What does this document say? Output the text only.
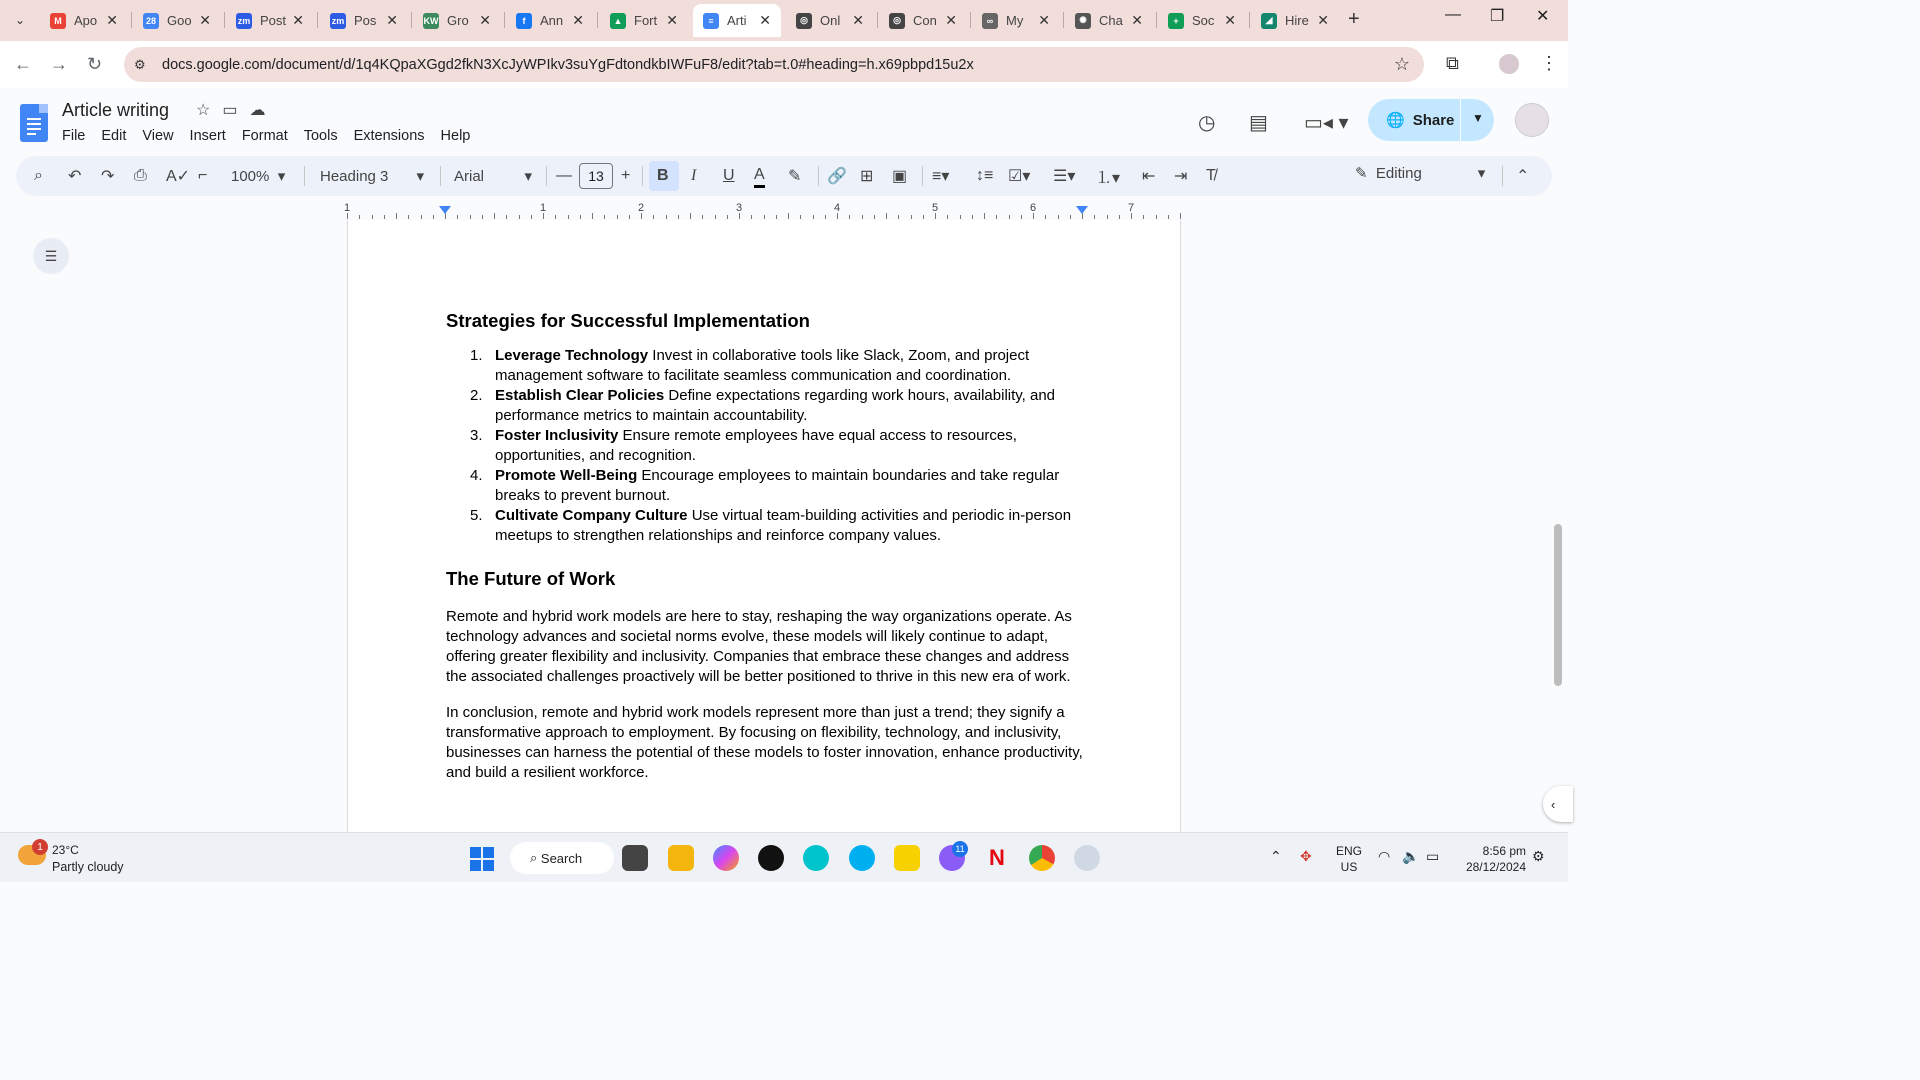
⌄	M Apo ✕	28 Goo ✕	zm Post ✕	zm Pos ✕	KW Gro ✕	f	Ann ✕	▲ Fort ✕	≡	Arti ✕	◎ Onl ✕	◎ Con ✕	∞ My	✕	✺ Cha ✕	+	Soc ✕	◢ Hire ✕ +	— ❐ ✕
← → ↻ ⚙	docs.google.com/document/d/1q4KQpaXGgd2fkN3XcJyWPIkv3suYgFdtondkbIWFuF8/edit?tab=t.0#heading=h.x69pbpd15u2x	☆ ⧉	⋮
Article writing ☆ ▭ ☁
File	Edit	View	Insert	Format	Tools	Extensions	Help
◷ ▤ ▭◂ ▾ 🌐 Share ▼
⌕ ↶ ↷ ⎙ A✓ ⌐ 100% ▾ Heading 3 ▾ Arial	▾ — 13 + B I U A ✎ 🔗 ⊞ ▣ ≡▾ ↕≡ ☑▾ ☰▾ ⒈▾ ⇤ ⇥ T̸	✎
Editing	▾ ⌃
1	1	2	3	4	5	6	7
☰
Strategies for Successful Implementation
1. Leverage Technology Invest in collaborative tools like Slack, Zoom, and project management software to facilitate seamless communication and coordination.
2. Establish Clear Policies Define expectations regarding work hours, availability, and performance metrics to maintain accountability.
3. Foster Inclusivity Ensure remote employees have equal access to resources, opportunities, and recognition.
4. Promote Well-Being Encourage employees to maintain boundaries and take regular breaks to prevent burnout.
5. Cultivate Company Culture Use virtual team-building activities and periodic in-person meetups to strengthen relationships and reinforce company values.
The Future of Work

Remote and hybrid work models are here to stay, reshaping the way organizations operate. As technology advances and societal norms evolve, these models will likely continue to adapt, offering greater flexibility and inclusivity. Companies that embrace these changes and address the associated challenges proactively will be better positioned to thrive in this new era of work.

In conclusion, remote and hybrid work models represent more than just a trend; they signify a transformative approach to employment. By focusing on flexibility, technology, and inclusivity, businesses can harness the potential of these models to foster innovation, enhance productivity, and build a resilient workforce.

‹
1 23°C
Partly cloudy
⌕ Search
11 N	⌃ ✥ ENG
US
◠ 🔈 ▭	8:56 pm
28/12/2024
⚙
